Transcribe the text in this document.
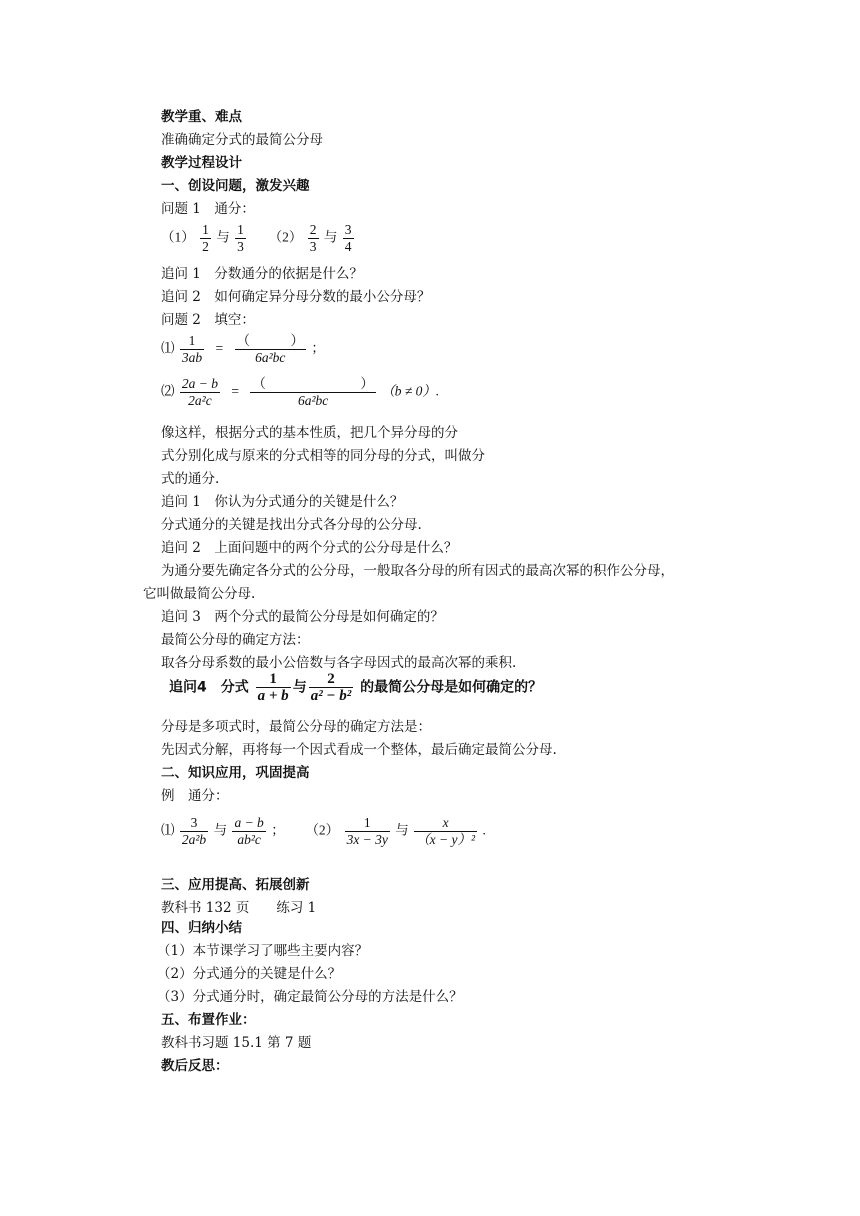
教学重、难点
准确确定分式的最简公分母
教学过程设计
一、创设问题，激发兴趣
问题 1　通分：
$(1) \frac{1}{2}$ 与 $\frac{1}{3} (2) \frac{2}{3}$ 与 $\frac{3}{4}$
追问 1　分数通分的依据是什么？
追问 2　如何确定异分母分数的最小公分母？
问题 2　填空：
⑴ $\frac{1}{3ab} = \frac{( )}{\text{6a²bc}}$ ；
⑵ $\frac{2a - b}{\text{2a²c}} = \frac{( )}{\text{6a²bc}} (b \ne 0)$.
像这样，根据分式的基本性质，把几个异分母的分
式分别化成与原来的分式相等的同分母的分式，叫做分
式的通分.
追问 1　你认为分式通分的关键是什么？
分式通分的关键是找出分式各分母的公分母.
追问 2　上面问题中的两个分式的公分母是什么？
为通分要先确定各分式的公分母，一般取各分母的所有因式的最高次幂的积作公分母，
它叫做最简公分母.
追问 3　两个分式的最简公分母是如何确定的？
最简公分母的确定方法：
取各分母系数的最小公倍数与各字母因式的最高次幂的乘积.
追问4　分式 $\frac{1}{a + b}$ 与 $\frac{2}{\text{a² − b²}}$ 的最简公分母是如何确定的？
分母是多项式时，最简公分母的确定方法是：
先因式分解，再将每一个因式看成一个整体，最后确定最简公分母.
二、知识应用，巩固提高
例　通分：
⑴ $\frac{3}{\text{2a²b}}$ 与 $\frac{a - b}{\text{ab²c}}$ ； $(2) \frac{1}{3x - 3y}$ 与 $\frac{x}{\text{（x − y）²}}$ .
三、应用提高、拓展创新
教科书 132 页　　练习 1
四、归纳小结
（1）本节课学习了哪些主要内容？
（2）分式通分的关键是什么？
（3）分式通分时，确定最简公分母的方法是什么？
五、布置作业：
教科书习题 15.1 第 7 题
教后反思：
